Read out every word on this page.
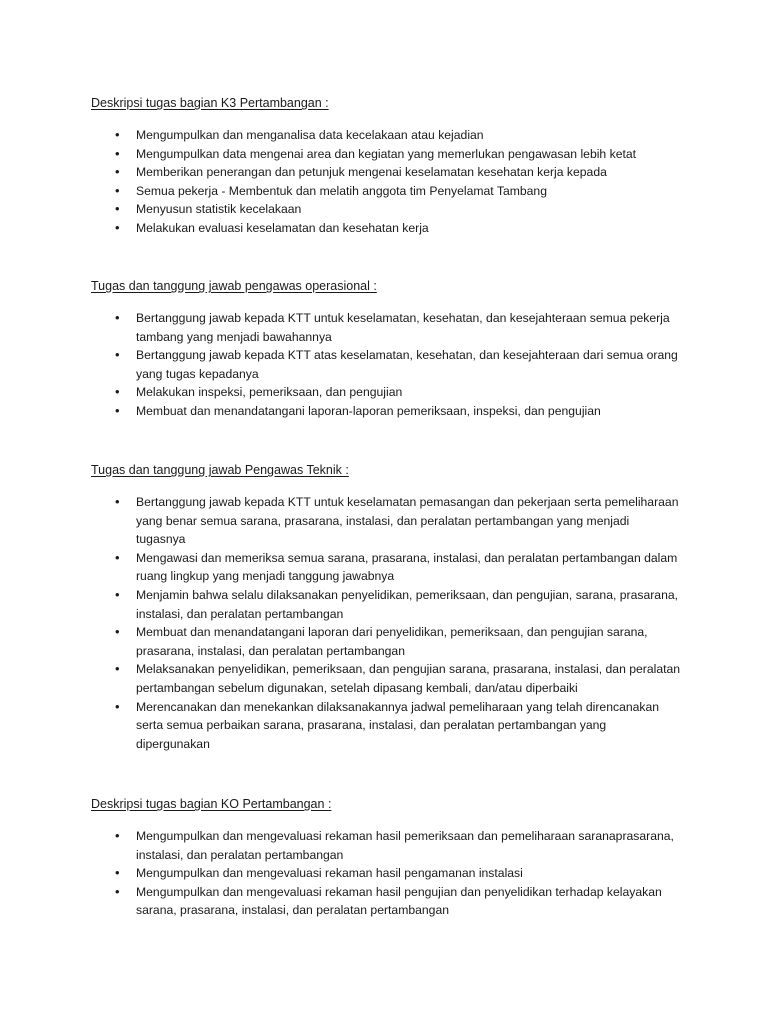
Deskripsi tugas bagian K3 Pertambangan :

• Mengumpulkan dan menganalisa data kecelakaan atau kejadian
• Mengumpulkan data mengenai area dan kegiatan yang memerlukan pengawasan lebih ketat
• Memberikan penerangan dan petunjuk mengenai keselamatan kesehatan kerja kepada
• Semua pekerja - Membentuk dan melatih anggota tim Penyelamat Tambang
• Menyusun statistik kecelakaan
• Melakukan evaluasi keselamatan dan kesehatan kerja

Tugas dan tanggung jawab pengawas operasional :

• Bertanggung jawab kepada KTT untuk keselamatan, kesehatan, dan kesejahteraan semua pekerja tambang yang menjadi bawahannya
• Bertanggung jawab kepada KTT atas keselamatan, kesehatan, dan kesejahteraan dari semua orang yang tugas kepadanya
• Melakukan inspeksi, pemeriksaan, dan pengujian
• Membuat dan menandatangani laporan-laporan pemeriksaan, inspeksi, dan pengujian

Tugas dan tanggung jawab Pengawas Teknik :

• Bertanggung jawab kepada KTT untuk keselamatan pemasangan dan pekerjaan serta pemeliharaan yang benar semua sarana, prasarana, instalasi, dan peralatan pertambangan yang menjadi tugasnya
• Mengawasi dan memeriksa semua sarana, prasarana, instalasi, dan peralatan pertambangan dalam ruang lingkup yang menjadi tanggung jawabnya
• Menjamin bahwa selalu dilaksanakan penyelidikan, pemeriksaan, dan pengujian, sarana, prasarana, instalasi, dan peralatan pertambangan
• Membuat dan menandatangani laporan dari penyelidikan, pemeriksaan, dan pengujian sarana, prasarana, instalasi, dan peralatan pertambangan
• Melaksanakan penyelidikan, pemeriksaan, dan pengujian sarana, prasarana, instalasi, dan peralatan pertambangan sebelum digunakan, setelah dipasang kembali, dan/atau diperbaiki
• Merencanakan dan menekankan dilaksanakannya jadwal pemeliharaan yang telah direncanakan serta semua perbaikan sarana, prasarana, instalasi, dan peralatan pertambangan yang dipergunakan

Deskripsi tugas bagian KO Pertambangan :

• Mengumpulkan dan mengevaluasi rekaman hasil pemeriksaan dan pemeliharaan saranaprasarana, instalasi, dan peralatan pertambangan
• Mengumpulkan dan mengevaluasi rekaman hasil pengamanan instalasi
• Mengumpulkan dan mengevaluasi rekaman hasil pengujian dan penyelidikan terhadap kelayakan sarana, prasarana, instalasi, dan peralatan pertambangan
